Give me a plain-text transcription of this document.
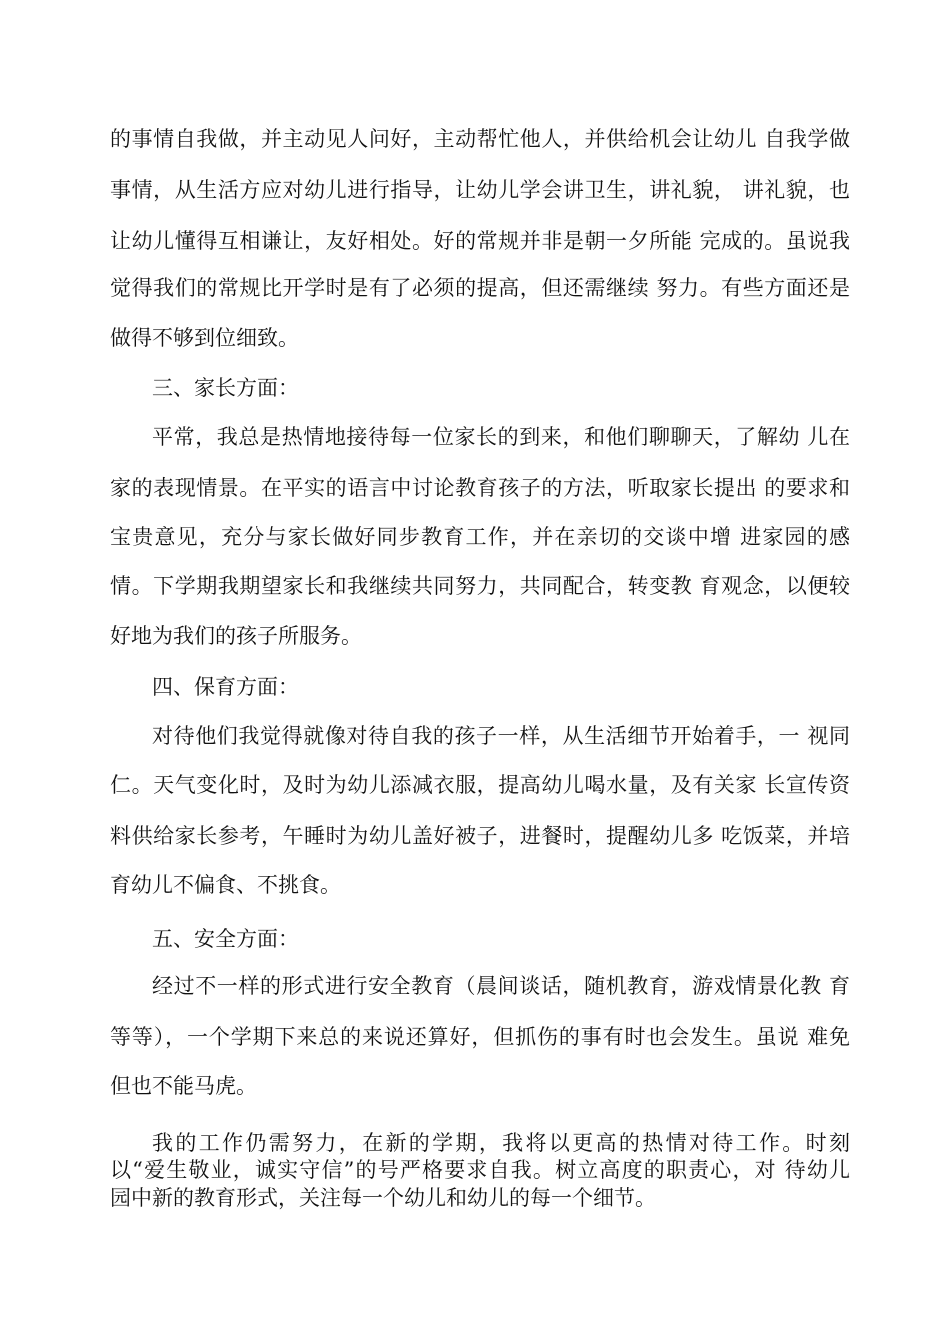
的事情自我做，并主动见人问好，主动帮忙他人，并供给机会让幼儿 自我学做
事情，从生活方应对幼儿进行指导，让幼儿学会讲卫生，讲礼貌， 讲礼貌，也
让幼儿懂得互相谦让，友好相处。好的常规并非是朝一夕所能 完成的。虽说我
觉得我们的常规比开学时是有了必须的提高，但还需继续 努力。有些方面还是
做得不够到位细致。
三、家长方面：
平常，我总是热情地接待每一位家长的到来，和他们聊聊天，了解幼 儿在
家的表现情景。在平实的语言中讨论教育孩子的方法，听取家长提出 的要求和
宝贵意见，充分与家长做好同步教育工作，并在亲切的交谈中增 进家园的感
情。下学期我期望家长和我继续共同努力，共同配合，转变教 育观念，以便较
好地为我们的孩子所服务。
四、保育方面：
对待他们我觉得就像对待自我的孩子一样，从生活细节开始着手，一 视同
仁。天气变化时，及时为幼儿添减衣服，提高幼儿喝水量，及有关家 长宣传资
料供给家长参考，午睡时为幼儿盖好被子，进餐时，提醒幼儿多 吃饭菜，并培
育幼儿不偏食、不挑食。
五、安全方面：
经过不一样的形式进行安全教育（晨间谈话，随机教育，游戏情景化教 育
等等），一个学期下来总的来说还算好，但抓伤的事有时也会发生。虽说 难免
但也不能马虎。
我的工作仍需努力，在新的学期，我将以更高的热情对待工作。时刻
以“爱生敬业，诚实守信”的号严格要求自我。树立高度的职责心，对 待幼儿
园中新的教育形式，关注每一个幼儿和幼儿的每一个细节。
